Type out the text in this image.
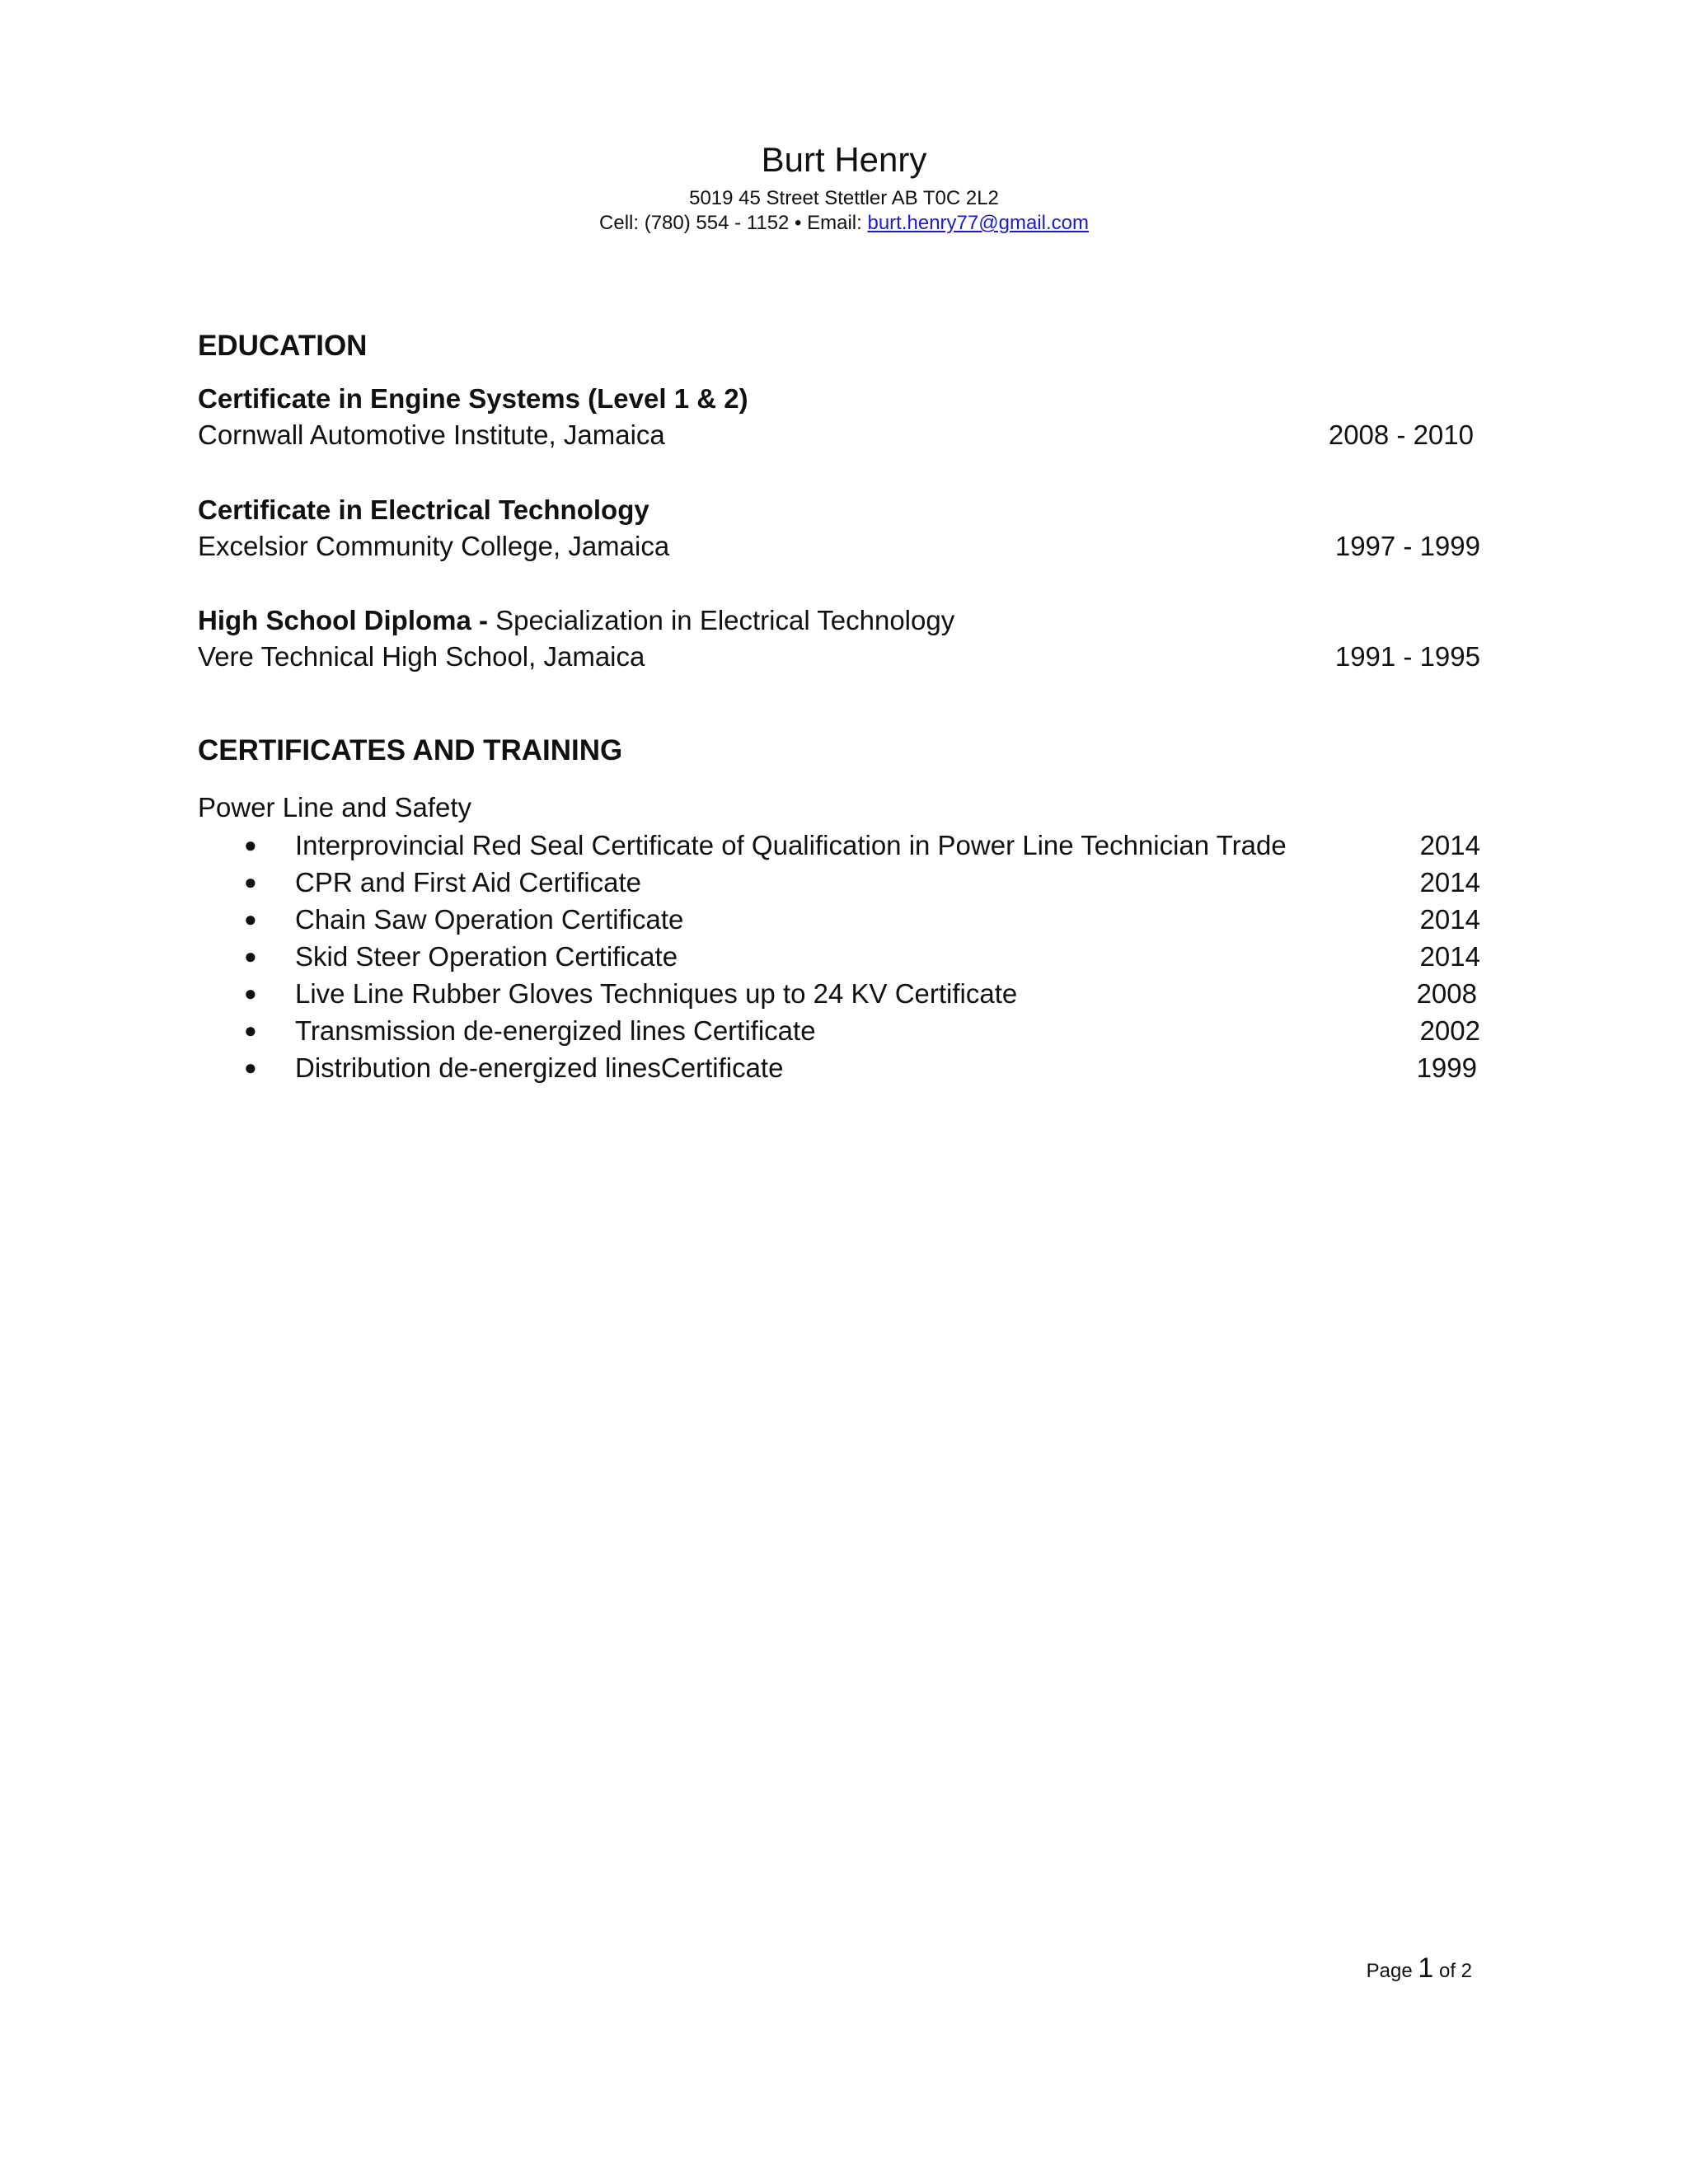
Burt Henry
5019 45 Street Stettler AB T0C 2L2
Cell: (780) 554 - 1152 • Email: burt.henry77@gmail.com
EDUCATION
Certificate in Engine Systems (Level 1 & 2)
Cornwall Automotive Institute, Jamaica	2008 - 2010
Certificate in Electrical Technology
Excelsior Community College, Jamaica	1997 - 1999
High School Diploma - Specialization in Electrical Technology
Vere Technical High School, Jamaica	1991 - 1995
CERTIFICATES AND TRAINING
Power Line and Safety
● Interprovincial Red Seal Certificate of Qualification in Power Line Technician Trade	2014
● CPR and First Aid Certificate	2014
● Chain Saw Operation Certificate	2014
● Skid Steer Operation Certificate	2014
● Live Line Rubber Gloves Techniques up to 24 KV Certificate	2008
● Transmission de-energized lines Certificate	2002
● Distribution de-energized linesCertificate	1999
Page 1 of 2
